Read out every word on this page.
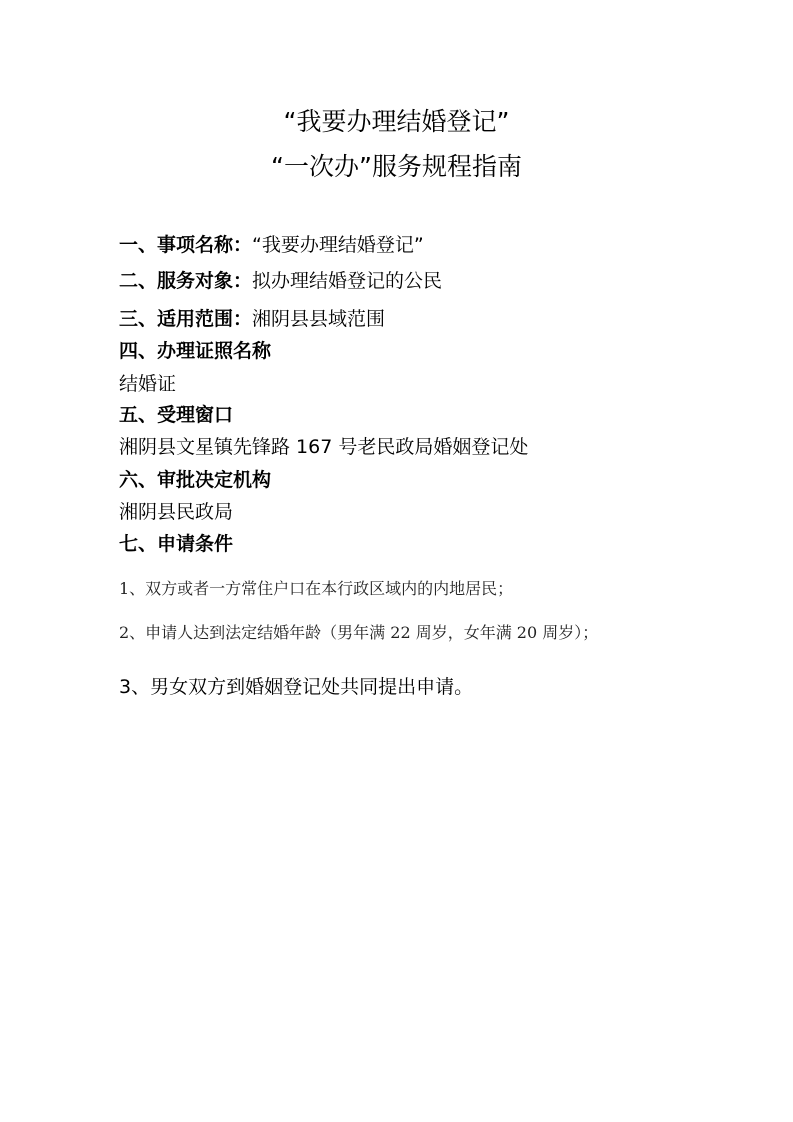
“我要办理结婚登记”
“一次办”服务规程指南
一、事项名称：“我要办理结婚登记”
二、服务对象：拟办理结婚登记的公民
三、适用范围：湘阴县县域范围
四、办理证照名称
结婚证
五、受理窗口
湘阴县文星镇先锋路 167 号老民政局婚姻登记处
六、审批决定机构
湘阴县民政局
七、申请条件
1、双方或者一方常住户口在本行政区域内的内地居民；
2、申请人达到法定结婚年龄（男年满 22 周岁，女年满 20 周岁）；
3、男女双方到婚姻登记处共同提出申请。
